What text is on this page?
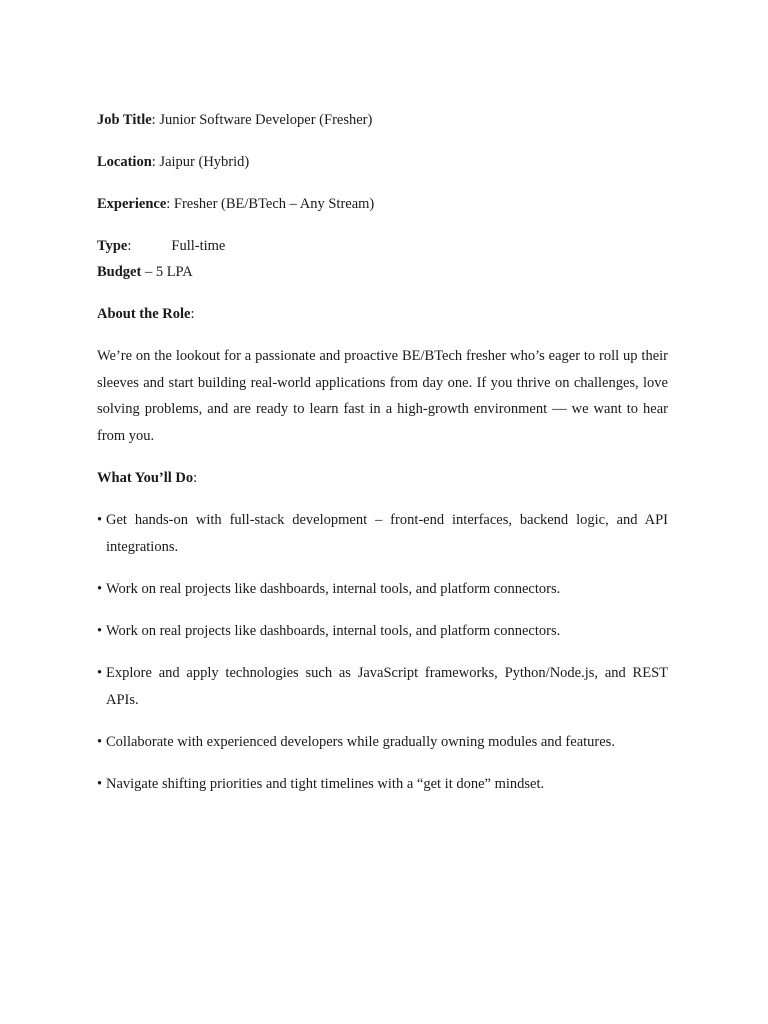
Job Title: Junior Software Developer (Fresher)
Location: Jaipur (Hybrid)
Experience: Fresher (BE/BTech – Any Stream)
Type:	Full-time
Budget – 5 LPA
About the Role:

We’re on the lookout for a passionate and proactive BE/BTech fresher who’s eager to roll up their sleeves and start building real-world applications from day one. If you thrive on challenges, love solving problems, and are ready to learn fast in a high-growth environment — we want to hear from you.

What You’ll Do:
• Get hands-on with full-stack development – front-end interfaces, backend logic, and API integrations.
• Work on real projects like dashboards, internal tools, and platform connectors.
• Work on real projects like dashboards, internal tools, and platform connectors.
• Explore and apply technologies such as JavaScript frameworks, Python/Node.js, and REST APIs.
• Collaborate with experienced developers while gradually owning modules and features.
• Navigate shifting priorities and tight timelines with a “get it done” mindset.
